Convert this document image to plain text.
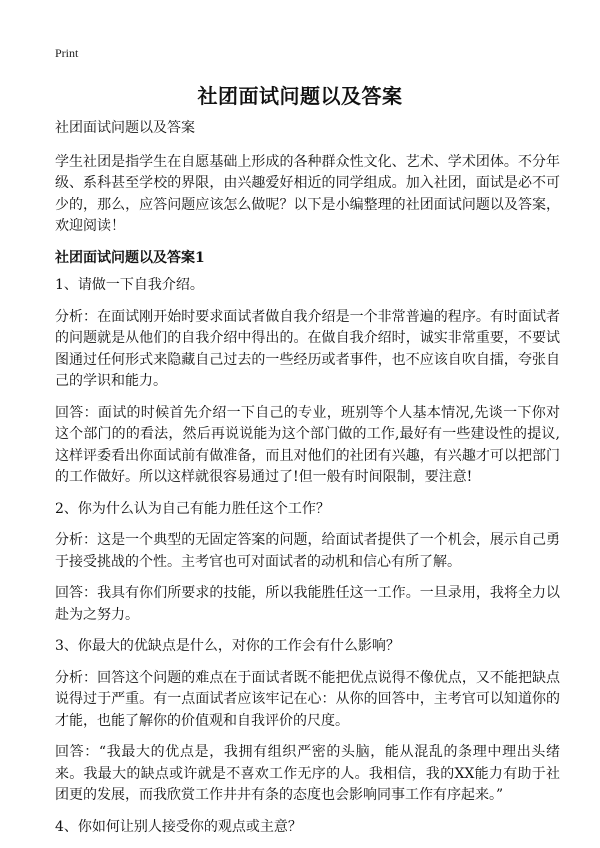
Print
社团面试问题以及答案

社团面试问题以及答案

学生社团是指学生在自愿基础上形成的各种群众性文化、艺术、学术团体。不分年级、系科甚至学校的界限，由兴趣爱好相近的同学组成。加入社团，面试是必不可少的，那么，应答问题应该怎么做呢？以下是小编整理的社团面试问题以及答案，欢迎阅读！

社团面试问题以及答案1

1、请做一下自我介绍。

分析：在面试刚开始时要求面试者做自我介绍是一个非常普遍的程序。有时面试者的问题就是从他们的自我介绍中得出的。在做自我介绍时，诚实非常重要，不要试图通过任何形式来隐藏自己过去的一些经历或者事件，也不应该自吹自擂，夸张自己的学识和能力。

回答：面试的时候首先介绍一下自己的专业，班别等个人基本情况,先谈一下你对这个部门的的看法，然后再说说能为这个部门做的工作,最好有一些建设性的提议,这样评委看出你面试前有做准备，而且对他们的社团有兴趣，有兴趣才可以把部门的工作做好。所以这样就很容易通过了!但一般有时间限制，要注意!

2、你为什么认为自己有能力胜任这个工作？

分析：这是一个典型的无固定答案的问题，给面试者提供了一个机会，展示自己勇于接受挑战的个性。主考官也可对面试者的动机和信心有所了解。

回答：我具有你们所要求的技能，所以我能胜任这一工作。一旦录用，我将全力以赴为之努力。

3、你最大的优缺点是什么，对你的工作会有什么影响？

分析：回答这个问题的难点在于面试者既不能把优点说得不像优点，又不能把缺点说得过于严重。有一点面试者应该牢记在心：从你的回答中，主考官可以知道你的才能，也能了解你的价值观和自我评价的尺度。

回答：“我最大的优点是，我拥有组织严密的头脑，能从混乱的条理中理出头绪来。我最大的缺点或许就是不喜欢工作无序的人。我相信，我的XX能力有助于社团更的发展，而我欣赏工作井井有条的态度也会影响同事工作有序起来。”

4、你如何让别人接受你的观点或主意？
